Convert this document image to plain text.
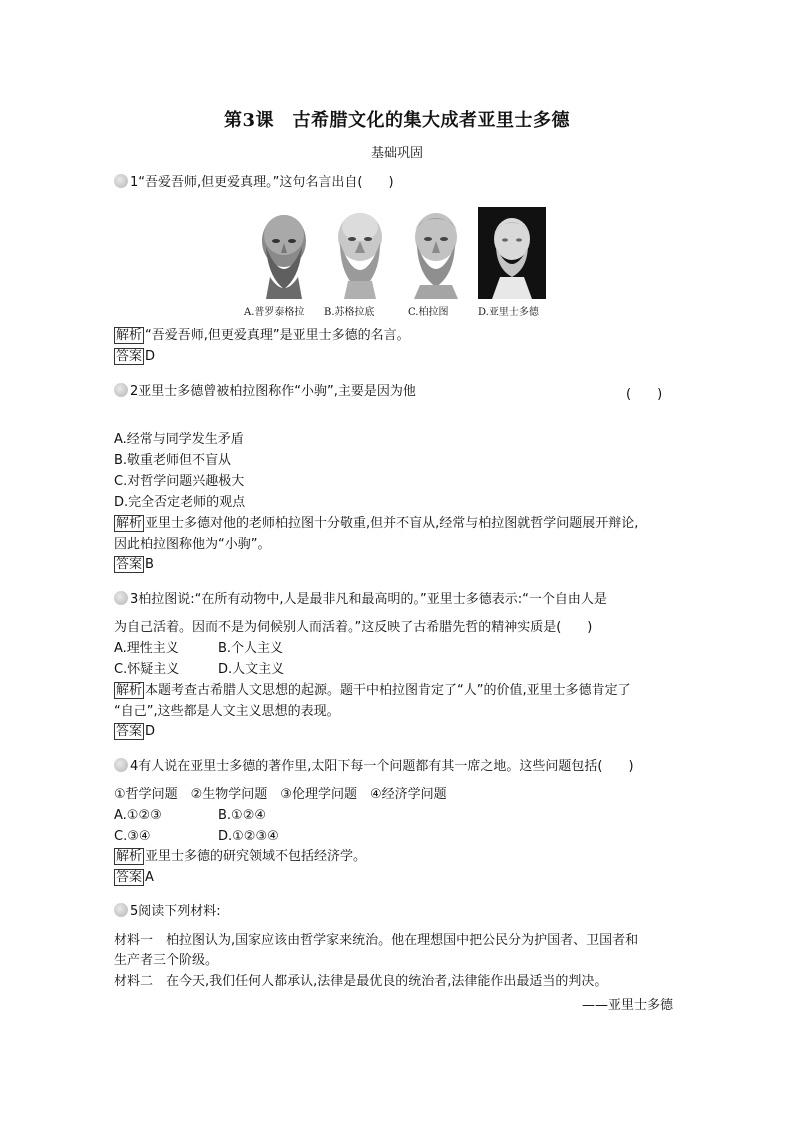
第3课　古希腊文化的集大成者亚里士多德
基础巩固
1“吾爱吾师,但更爱真理。”这句名言出自(　　)
A.普罗泰格拉 B.苏格拉底	C.柏拉图	D.亚里士多德
解析 “吾爱吾师,但更爱真理”是亚里士多德的名言。
答案 D
2亚里士多德曾被柏拉图称作“小驹”,主要是因为他	(　　)
A.经常与同学发生矛盾
B.敬重老师但不盲从
C.对哲学问题兴趣极大
D.完全否定老师的观点
解析 亚里士多德对他的老师柏拉图十分敬重,但并不盲从,经常与柏拉图就哲学问题展开辩论,
因此柏拉图称他为“小驹”。
答案 B
3柏拉图说:“在所有动物中,人是最非凡和最高明的。”亚里士多德表示:“一个自由人是
为自己活着。因而不是为伺候别人而活着。”这反映了古希腊先哲的精神实质是(　　)
A.理性主义	B.个人主义
C.怀疑主义	D.人文主义
解析 本题考查古希腊人文思想的起源。题干中柏拉图肯定了“人”的价值,亚里士多德肯定了
“自己”,这些都是人文主义思想的表现。
答案 D
4有人说在亚里士多德的著作里,太阳下每一个问题都有其一席之地。这些问题包括(　　)
①哲学问题　②生物学问题　③伦理学问题　④经济学问题
A.①②③	B.①②④
C.③④	D.①②③④
解析 亚里士多德的研究领域不包括经济学。
答案 A
5阅读下列材料:
材料一　柏拉图认为,国家应该由哲学家来统治。他在理想国中把公民分为护国者、卫国者和
生产者三个阶级。
材料二　在今天,我们任何人都承认,法律是最优良的统治者,法律能作出最适当的判决。
——亚里士多德
